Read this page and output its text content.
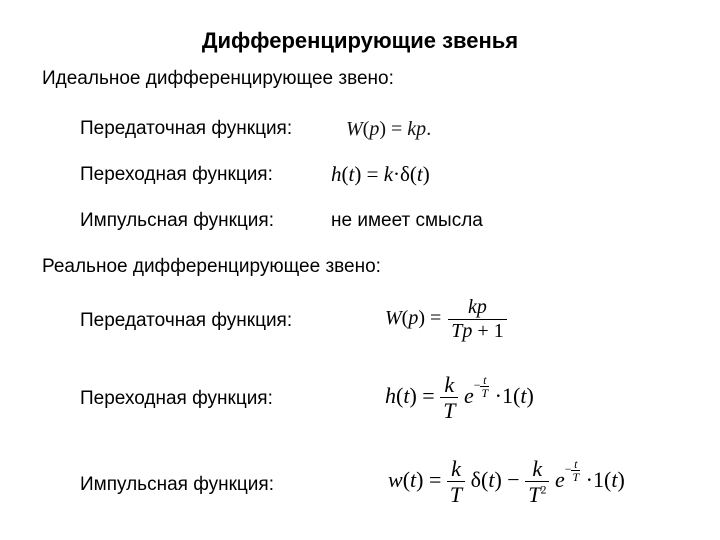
Дифференцирующие звенья
Идеальное дифференцирующее звено:
Передаточная функция:	W(p) = kp.
Переходная функция:	h(t) = k·δ(t)
Импульсная функция:	не имеет смысла
Реальное дифференцирующее звено:
Передаточная функция:	$W(p) = \frac{kp}{Tp + 1}$
Переходная функция:	$h(t) = \frac{k}{T} e^{- \frac{t}{T}} \cdot 1(t)$
Импульсная функция:	$w(t) = \frac{k}{T} \delta(t) - \frac{k}{T^2} e^{- \frac{t}{T}} \cdot 1(t)$
